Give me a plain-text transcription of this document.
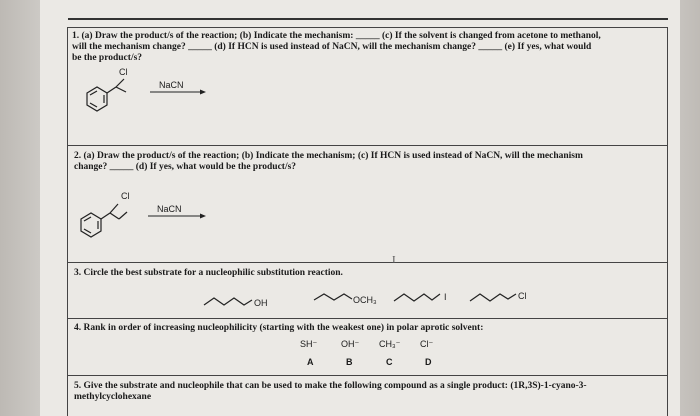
1. (a) Draw the product/s of the reaction; (b) Indicate the mechanism: _____ (c) If the solvent is changed from acetone to methanol,
will the mechanism change? _____ (d) If HCN is used instead of NaCN, will the mechanism change? _____ (e) If yes, what would
be the product/s?
Cl
NaCN
2. (a) Draw the product/s of the reaction; (b) Indicate the mechanism; (c) If HCN is used instead of NaCN, will the mechanism
change? _____ (d) If yes, what would be the product/s?
Cl
NaCN
3. Circle the best substrate for a nucleophilic substitution reaction.
I
OH	OCH₃	I	Cl
4. Rank in order of increasing nucleophilicity (starting with the weakest one) in polar aprotic solvent:
SH⁻	OH⁻ CH₃⁻ Cl⁻
A	B	C	D
5. Give the substrate and nucleophile that can be used to make the following compound as a single product: (1R,3S)-1-cyano-3-
methylcyclohexane
